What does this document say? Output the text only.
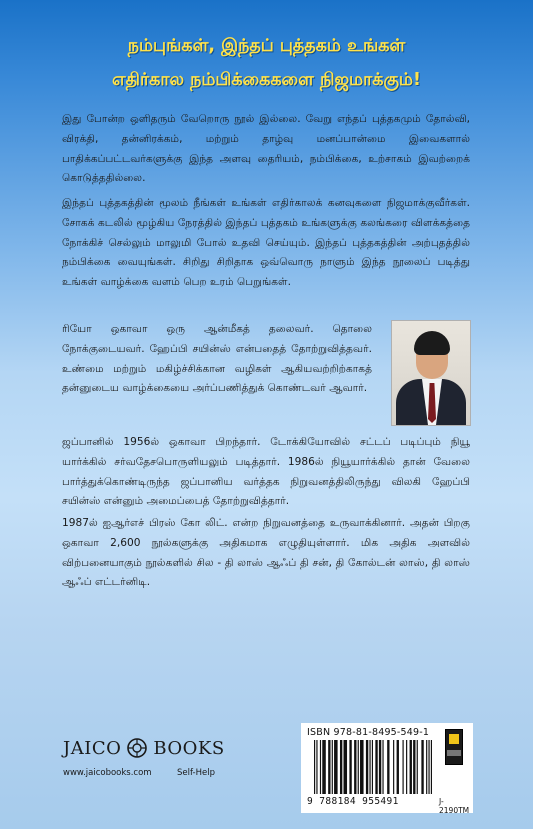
நம்புங்கள், இந்தப் புத்தகம் உங்கள்
எதிர்கால நம்பிக்கைகளை நிஜமாக்கும்!

இது போன்ற ஒளிதரும் வேறொரு நூல் இல்லை. வேறு எந்தப் புத்தகமும் தோல்வி, விரக்தி, தன்னிரக்கம், மற்றும் தாழ்வு மனப்பான்மை இவைகளால் பாதிக்கப்பட்டவர்களுக்கு இந்த அளவு தைரியம், நம்பிக்கை, உற்சாகம் இவற்றைக் கொடுத்ததில்லை.

இந்தப் புத்தகத்தின் மூலம் நீங்கள் உங்கள் எதிர்காலக் கனவுகளை நிஜமாக்குவீர்கள். சோகக் கடலில் மூழ்கிய நேரத்தில் இந்தப் புத்தகம் உங்களுக்கு கலங்கரை விளக்கத்தை நோக்கிச் செல்லும் மாலுமி போல் உதவி செய்யும். இந்தப் புத்தகத்தின் அற்புதத்தில் நம்பிக்கை வையுங்கள். சிறிது சிறிதாக ஒவ்வொரு நாளும் இந்த நூலைப் படித்து உங்கள் வாழ்க்கை வளம் பெற உரம் பெறுங்கள்.

ரியோ ஒகாவா ஒரு ஆன்மீகத் தலைவர். தொலை நோக்குடையவர். ஹேப்பி சயின்ஸ் என்பதைத் தோற்றுவித்தவர். உண்மை மற்றும் மகிழ்ச்சிக்கான வழிகள் ஆகியவற்றிற்காகத் தன்னுடைய வாழ்க்கையை அர்ப்பணித்துக் கொண்டவர் ஆவார்.

ஜப்பானில் 1956ல் ஒகாவா பிறந்தார். டோக்கியோவில் சட்டப் படிப்பும் நியூ யார்க்கில் சர்வதேசபொருளியலும் படித்தார். 1986ல் நியூயார்க்கில் தான் வேலை பார்த்துக்கொண்டிருந்த ஜப்பானிய வர்த்தக நிறுவனத்திலிருந்து விலகி ஹேப்பி சயின்ஸ் என்னும் அமைப்பைத் தோற்றுவித்தார்.

1987ல் ஐஆர்எச் பிரஸ் கோ லிட். என்ற நிறுவனத்தை உருவாக்கினார். அதன் பிறகு ஒகாவா 2,600 நூல்களுக்கு அதிகமாக எழுதியுள்ளார். மிக அதிக அளவில் விற்பனையாகும் நூல்களில் சில - தி லாஸ் ஆஃப் தி சன், தி கோல்டன் லாஸ், தி லாஸ் ஆஃப் எட்டர்னிடி.

JAICO BOOKS
www.jaicobooks.com	Self-Help
ISBN 978-81-8495-549-1
9 788184 955491	J-2190TM
